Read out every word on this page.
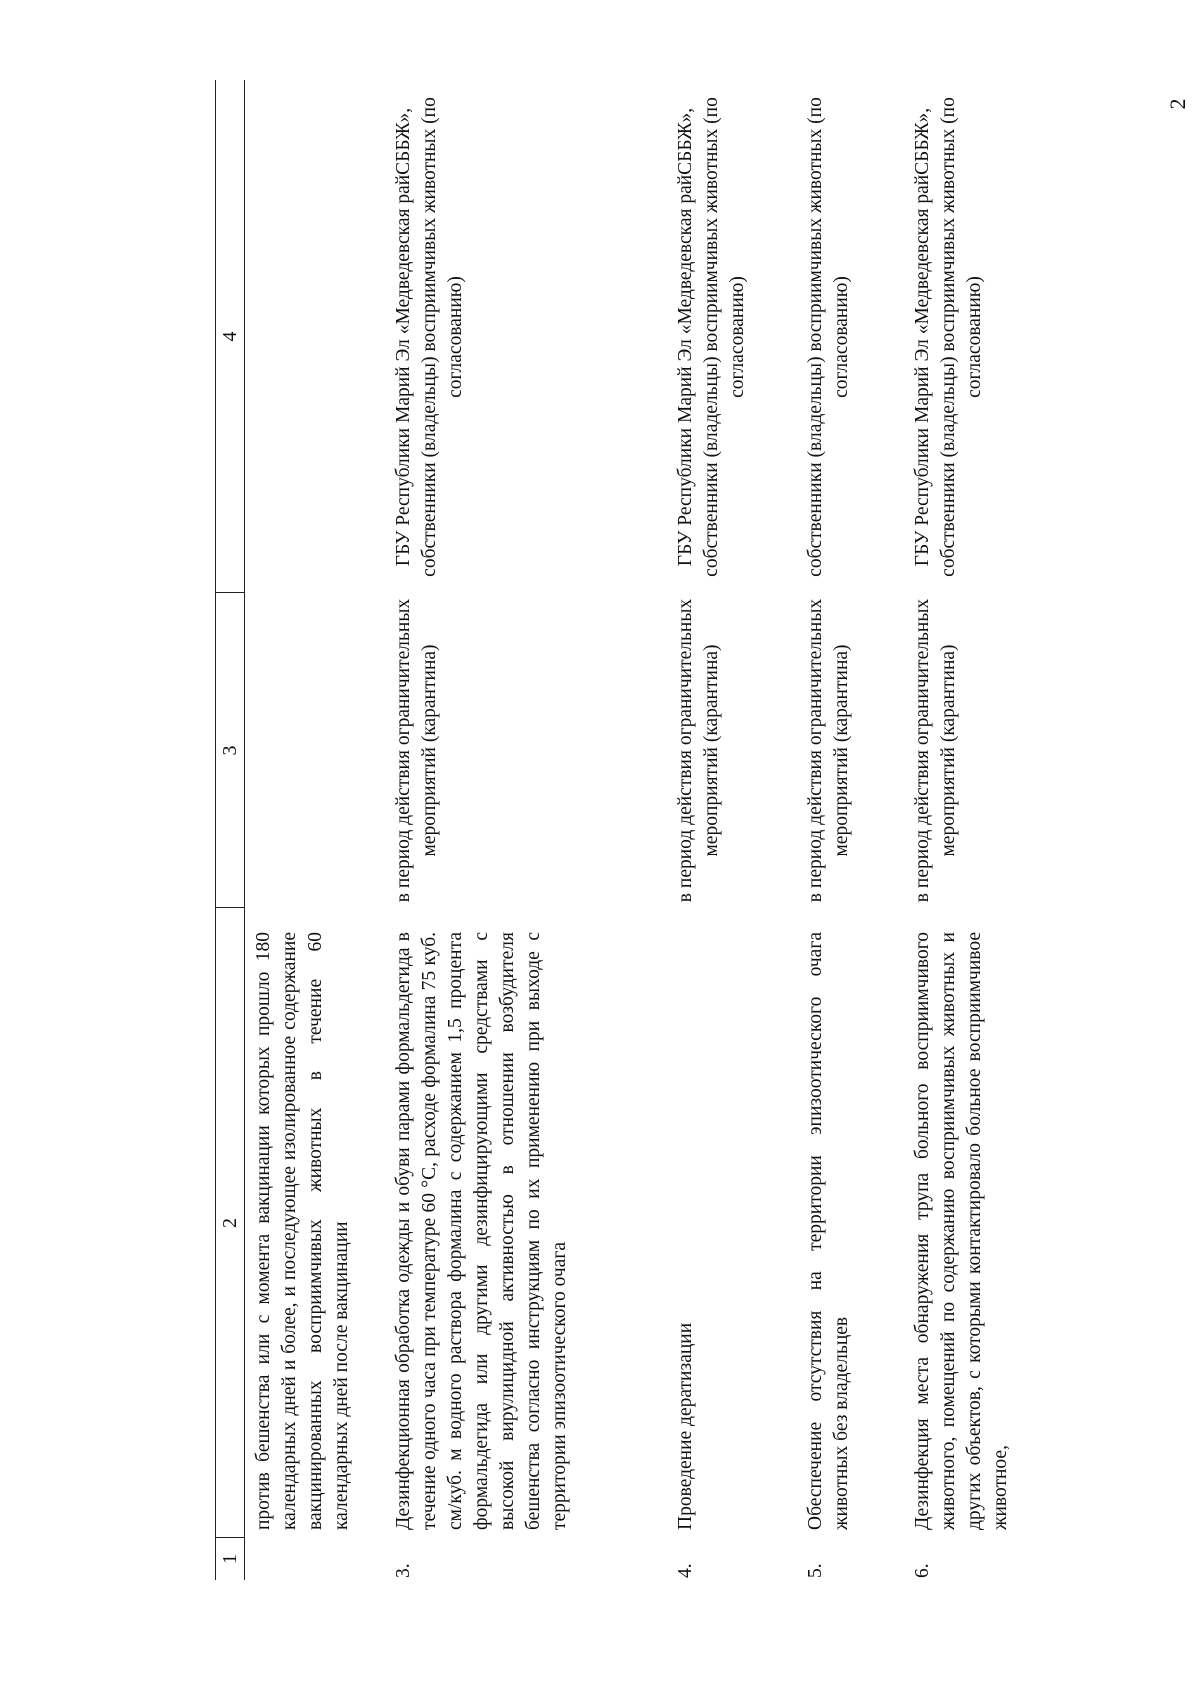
2
1
2
3
4
против бешенства или с момента вакцинации которых прошло 180 календарных дней и более, и последующее изолированное содержание вакцинированных восприимчивых животных в течение 60 календарных дней после вакцинации
3.
Дезинфекционная обработка одежды и обуви парами формальдегида в течение одного часа при температуре 60 °С, расходе формалина 75 куб. см/куб. м водного раствора формалина с содержанием 1,5 процента формальдегида или другими дезинфицирующими средствами с высокой вирулицидной активностью в отношении возбудителя бешенства согласно инструкциям по их применению при выходе с территории эпизоотического очага
в период действия ограничительных мероприятий (карантина)
ГБУ Республики Марий Эл «Медведевская райСББЖ», собственники (владельцы) восприимчивых животных (по согласованию)
4.
Проведение дератизации
в период действия ограничительных мероприятий (карантина)
ГБУ Республики Марий Эл «Медведевская райСББЖ», собственники (владельцы) восприимчивых животных (по согласованию)
5.
Обеспечение отсутствия на территории эпизоотического очага животных без владельцев
в период действия ограничительных мероприятий (карантина)
собственники (владельцы) восприимчивых животных (по согласованию)
6.
Дезинфекция места обнаружения трупа больного восприимчивого животного, помещений по содержанию восприимчивых животных и других объектов, с которыми контактировало больное восприимчивое животное,
в период действия ограничительных мероприятий (карантина)
ГБУ Республики Марий Эл «Медведевская райСББЖ», собственники (владельцы) восприимчивых животных (по согласованию)
